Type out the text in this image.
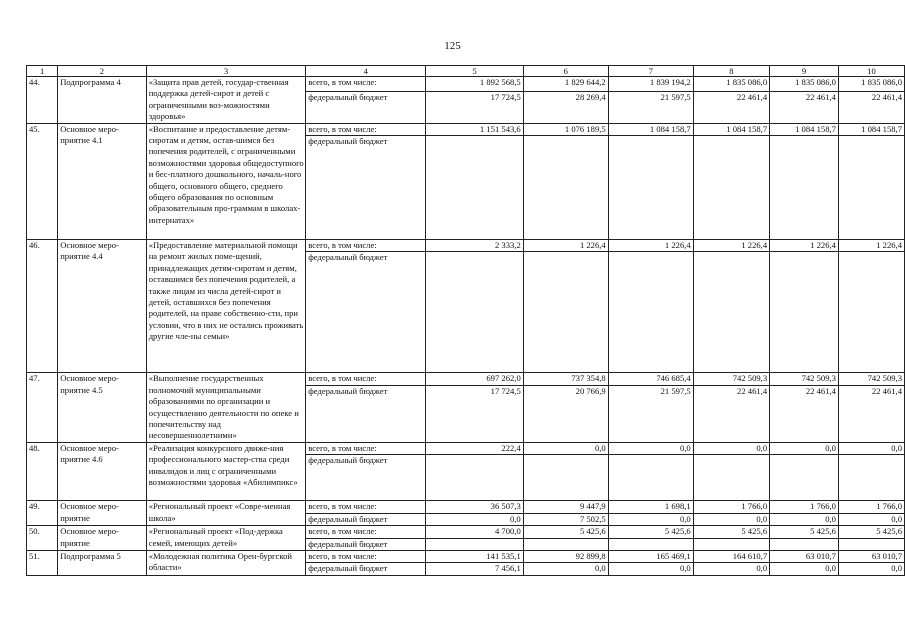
125
1	2	3	4	5	6	7	8	9	10
44.	Подпрограмма 4	«Защита прав детей, государ-ственная поддержка детей-сирот и детей с ограниченными воз-можностями здоровья»	всего, в том числе:	1 892 568,5	1 829 644,2	1 839 194,2	1 835 086,0	1 835 086,0	1 835 086,0
			федеральный бюджет	17 724,5	28 269,4	21 597,5	22 461,4	22 461,4	22 461,4
45.	Основное меро-приятие 4.1	«Воспитание и предоставление детям-сиротам и детям, остав-шимся без попечения родителей, с ограниченными возможностями здоровья общедоступного и бес-платного дошкольного, началь-ного общего, основного общего, среднего общего образования по основным образовательным про-граммам в школах-интернатах»	всего, в том числе:	1 151 543,6	1 076 189,5	1 084 158,7	1 084 158,7	1 084 158,7	1 084 158,7
			федеральный бюджет						
46.	Основное меро-приятие 4.4	«Предоставление материальной помощи на ремонт жилых поме-щений, принадлежащих детям-сиротам и детям, оставшимся без попечения родителей, а также лицам из числа детей-сирот и детей, оставшихся без попечения родителей, на праве собственно-сти, при условии, что в них не остались проживать другие чле-ны семьи»	всего, в том числе:	2 333,2	1 226,4	1 226,4	1 226,4	1 226,4	1 226,4
			федеральный бюджет						
47.	Основное меро-приятие 4.5	«Выполнение государственных полномочий муниципальными образованиями по организации и осуществлению деятельности по опеке и попечительству над несовершеннолетними»	всего, в том числе:	697 262,0	737 354,8	746 685,4	742 509,3	742 509,3	742 509,3
			федеральный бюджет	17 724,5	20 766,9	21 597,5	22 461,4	22 461,4	22 461,4
48.	Основное меро-приятие 4.6	«Реализация конкурсного движе-ния профессионального мастер-ства среди инвалидов и лиц с ограниченными возможностями здоровья «Абилимпикс»	всего, в том числе:	222,4	0,0	0,0	0,0	0,0	0,0
			федеральный бюджет						
49.	Основное меро-приятие	«Региональный проект «Совре-менная школа»	всего, в том числе:	36 507,3	9 447,9	1 698,1	1 766,0	1 766,0	1 766,0
			федеральный бюджет	0,0	7 502,5	0,0	0,0	0,0	0,0
50.	Основное меро-приятие	«Региональный проект «Под-держка семей, имеющих детей»	всего, в том числе:	4 700,0	5 425,6	5 425,6	5 425,6	5 425,6	5 425,6
			федеральный бюджет						
51.	Подпрограмма 5	«Молодежная политика Орен-бургской области»	всего, в том числе:	141 535,1	92 899,8	165 469,1	164 610,7	63 010,7	63 010,7
			федеральный бюджет	7 456,1	0,0	0,0	0,0	0,0	0,0
